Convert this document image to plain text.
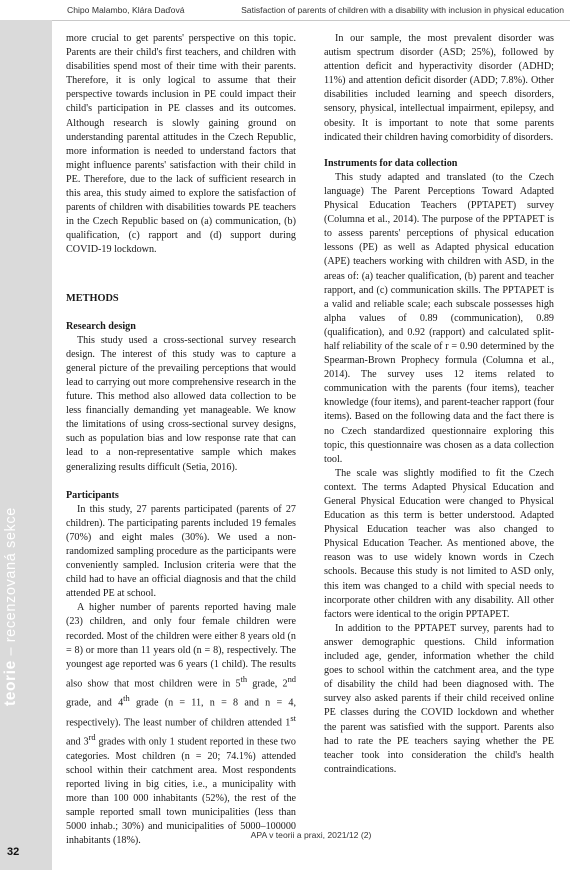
Chipo Malambo, Klára Daďová	Satisfaction of parents of children with a disability with inclusion in physical education
teorie – recenzovaná sekce
32

more crucial to get parents' perspective on this topic. Parents are their child's first teachers, and children with disabilities spend most of their time with their parents. Therefore, it is only logical to assume that their perspective towards inclusion in PE could impact their child's participation in PE classes and its outcomes. Although research is slowly gaining ground on understanding parental attitudes in the Czech Republic, more information is needed to understand factors that might influence parents' satisfaction with their child in PE. Therefore, due to the lack of sufficient research in this area, this study aimed to explore the satisfaction of parents of children with disabilities towards PE teachers in the Czech Republic based on (a) communication, (b) qualification, (c) rapport and (d) support during COVID-19 lockdown.

METHODS
Research design

This study used a cross-sectional survey research design. The interest of this study was to capture a general picture of the prevailing perceptions that would lead to carrying out more comprehensive research in the future. This method also allowed data collection to be less financially demanding yet manageable. We know the limitations of using cross-sectional survey designs, such as population bias and low response rate that can lead to a non-representative sample which makes generalizing results difficult (Setia, 2016).

Participants

In this study, 27 parents participated (parents of 27 children). The participating parents included 19 females (70%) and eight males (30%). We used a non-randomized sampling procedure as the participants were conveniently sampled. Inclusion criteria were that the child had to have an official diagnosis and that the child attended PE at school.

A higher number of parents reported having male (23) children, and only four female children were recorded. Most of the children were either 8 years old (n = 8) or more than 11 years old (n = 8), respectively. The youngest age reported was 6 years (1 child). The results also show that most children were in 5th grade, 2nd grade, and 4th grade (n = 11, n = 8 and n = 4, respectively). The least number of children attended 1st and 3rd grades with only 1 student reported in these two categories. Most children (n = 20; 74.1%) attended school within their catchment area. Most respondents reported living in big cities, i.e., a municipality with more than 100 000 inhabitants (52%), the rest of the sample reported small town municipalities (less than 5000 inhab.; 30%) and municipalities of 5000–100000 inhabitants (18%).

In our sample, the most prevalent disorder was autism spectrum disorder (ASD; 25%), followed by attention deficit and hyperactivity disorder (ADHD; 11%) and attention deficit disorder (ADD; 7.8%). Other disabilities included learning and speech disorders, sensory, physical, intellectual impairment, epilepsy, and obesity. It is important to note that some parents indicated their children having comorbidity of disorders.

Instruments for data collection

This study adapted and translated (to the Czech language) The Parent Perceptions Toward Adapted Physical Education Teachers (PPTAPET) survey (Columna et al., 2014). The purpose of the PPTAPET is to assess parents' perceptions of physical education lessons (PE) as well as Adapted physical education (APE) teachers working with children with ASD, in the areas of: (a) teacher qualification, (b) parent and teacher rapport, and (c) communication skills. The PPTAPET is a valid and reliable scale; each subscale possesses high alpha values of 0.89 (communication), 0.89 (qualification), and 0.92 (rapport) and calculated split-half reliability of the scale of r = 0.90 determined by the Spearman-Brown Prophecy formula (Columna et al., 2014). The survey uses 12 items related to communication with the parents (four items), teacher knowledge (four items), and parent-teacher rapport (four items). Based on the following data and the fact there is no Czech standardized questionnaire exploring this topic, this questionnaire was chosen as a data collection tool.

The scale was slightly modified to fit the Czech context. The terms Adapted Physical Education and General Physical Education were changed to Physical Education as this term is better understood. Adapted Physical Education teacher was also changed to Physical Education Teacher. As mentioned above, the reason was to use widely known words in Czech schools. Because this study is not limited to ASD only, this item was changed to a child with special needs to incorporate other children with any disability. All other factors were identical to the origin PPTAPET.

In addition to the PPTAPET survey, parents had to answer demographic questions. Child information included age, gender, information whether the child goes to school within the catchment area, and the type of disability the child had been diagnosed with. The survey also asked parents if their child received online PE classes during the COVID lockdown and whether the parent was satisfied with the support. Parents also had to rate the PE teachers saying whether the PE teacher took into consideration the child's health contraindications.

APA v teorii a praxi, 2021/12 (2)
